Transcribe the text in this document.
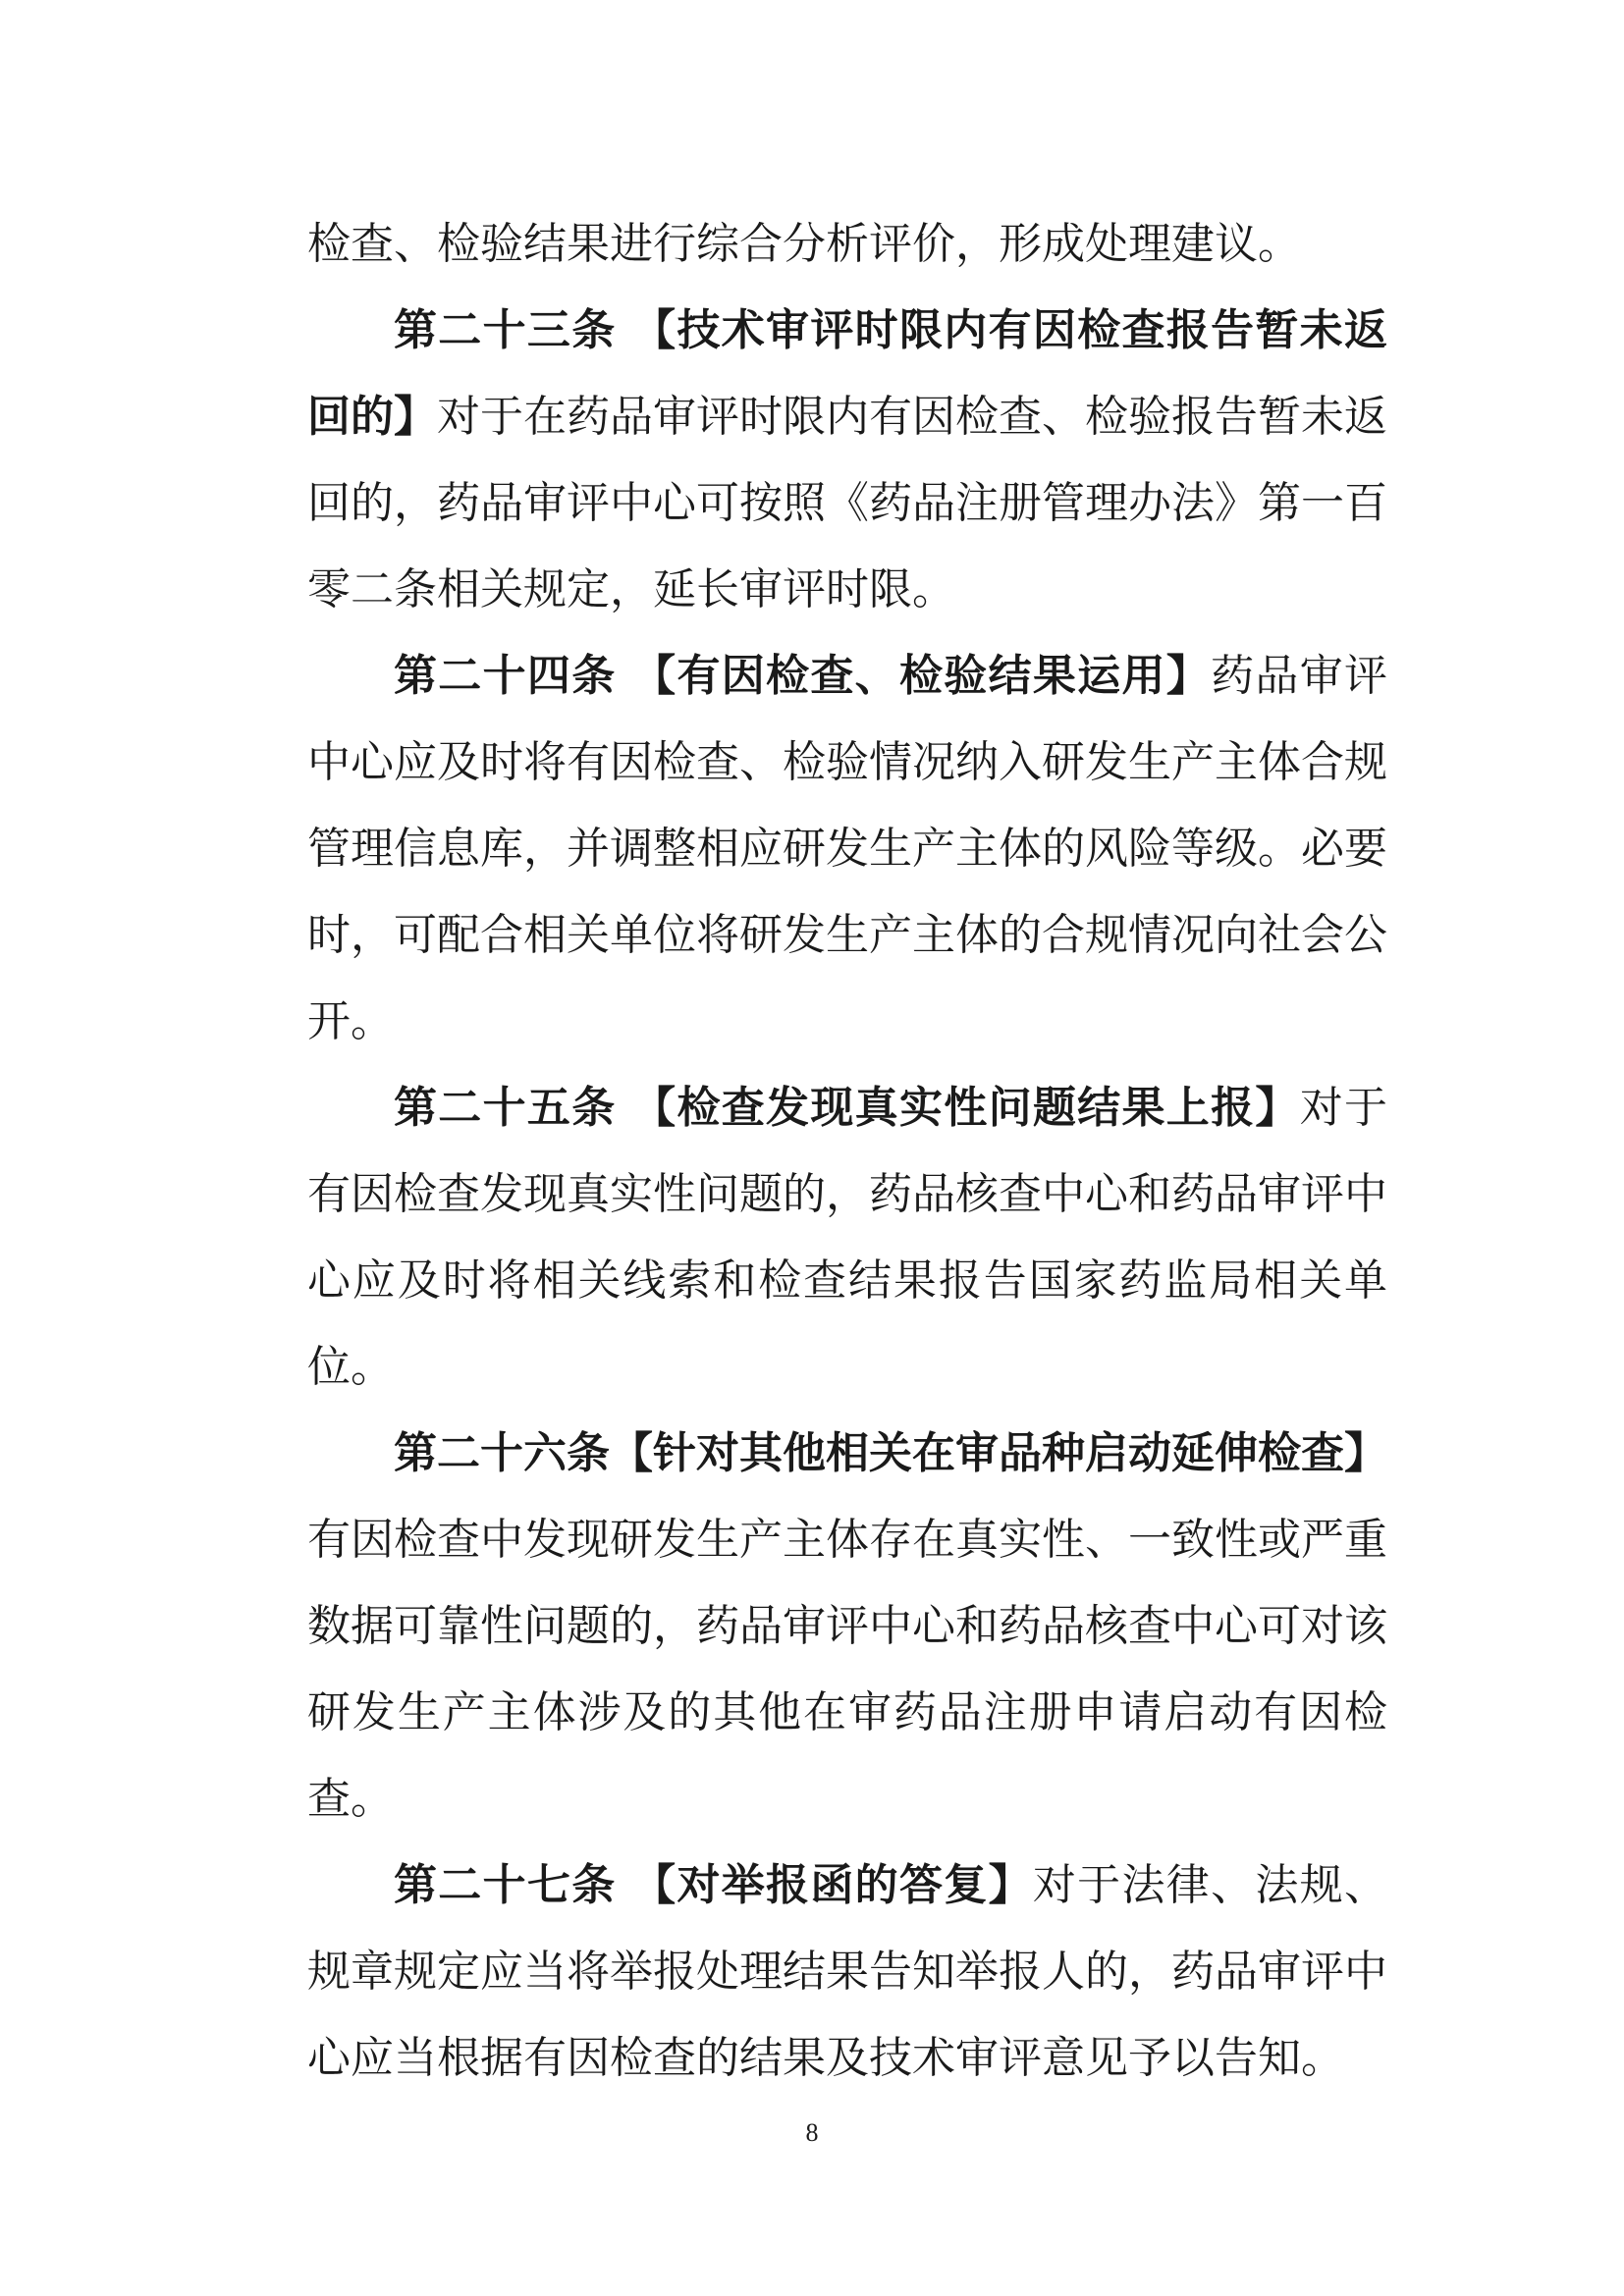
检查、检验结果进行综合分析评价，形成处理建议。
第二十三条 【技术审评时限内有因检查报告暂未返
回的】对于在药品审评时限内有因检查、检验报告暂未返
回的，药品审评中心可按照《药品注册管理办法》第一百
零二条相关规定，延长审评时限。
第二十四条 【有因检查、检验结果运用】药品审评
中心应及时将有因检查、检验情况纳入研发生产主体合规
管理信息库，并调整相应研发生产主体的风险等级。必要
时，可配合相关单位将研发生产主体的合规情况向社会公
开。
第二十五条 【检查发现真实性问题结果上报】对于
有因检查发现真实性问题的，药品核查中心和药品审评中
心应及时将相关线索和检查结果报告国家药监局相关单
位。
第二十六条【针对其他相关在审品种启动延伸检查】
有因检查中发现研发生产主体存在真实性、一致性或严重
数据可靠性问题的，药品审评中心和药品核查中心可对该
研发生产主体涉及的其他在审药品注册申请启动有因检
查。
第二十七条 【对举报函的答复】对于法律、法规、
规章规定应当将举报处理结果告知举报人的，药品审评中
心应当根据有因检查的结果及技术审评意见予以告知。
8
